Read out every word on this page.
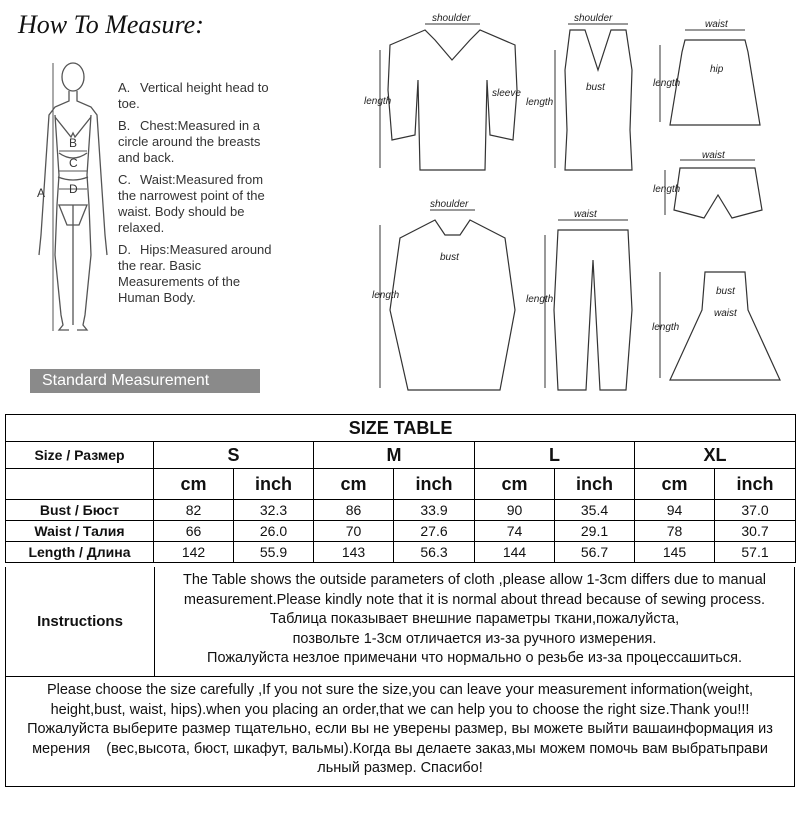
How To Measure:
A
B
C
D
A. Vertical height head to toe.
B. Chest:Measured in a circle around the breasts and back.
C. Waist:Measured from the narrowest point of the waist. Body should be relaxed.
D. Hips:Measured around the rear. Basic Measurements of the Human Body.
Standard Measurement
shoulder
sleeve
length
shoulder
bust
length
waist
hip
length
waist
length
shoulder
bust
length
waist
length
bust
waist
length
SIZE TABLE								
Size / Размер	S		M		L		XL	
	cm	inch	cm	inch	cm	inch	cm	inch
Bust / Бюст	82	32.3	86	33.9	90	35.4	94	37.0
Waist / Талия	66	26.0	70	27.6	74	29.1	78	30.7
Length / Длина	142	55.9	143	56.3	144	56.7	145	57.1
Instructions
The Table shows the outside parameters of cloth ,please allow 1-3cm differs due to manual
measurement.Please kindly note that it is normal about thread because of sewing process.
Таблица показывает внешние параметры ткани,пожалуйста,
позвольте 1-3см отличается из-за ручного измерения.
Пожалуйста незлое примечани что нормально о резьбе из-за процессашиться.
Please choose the size carefully ,If you not sure the size,you can leave your measurement information(weight,
height,bust, waist, hips).when you placing an order,that we can help you to choose the right size.Thank you!!!
Пожалуйста выберите размер тщательно, если вы не уверены размер, вы можете выйти вашаинформация из
мерения    (вес,высота, бюст, шкафут, вальмы).Когда вы делаете заказ,мы можем помочь вам выбратьправи
льный размер. Спасибо!
